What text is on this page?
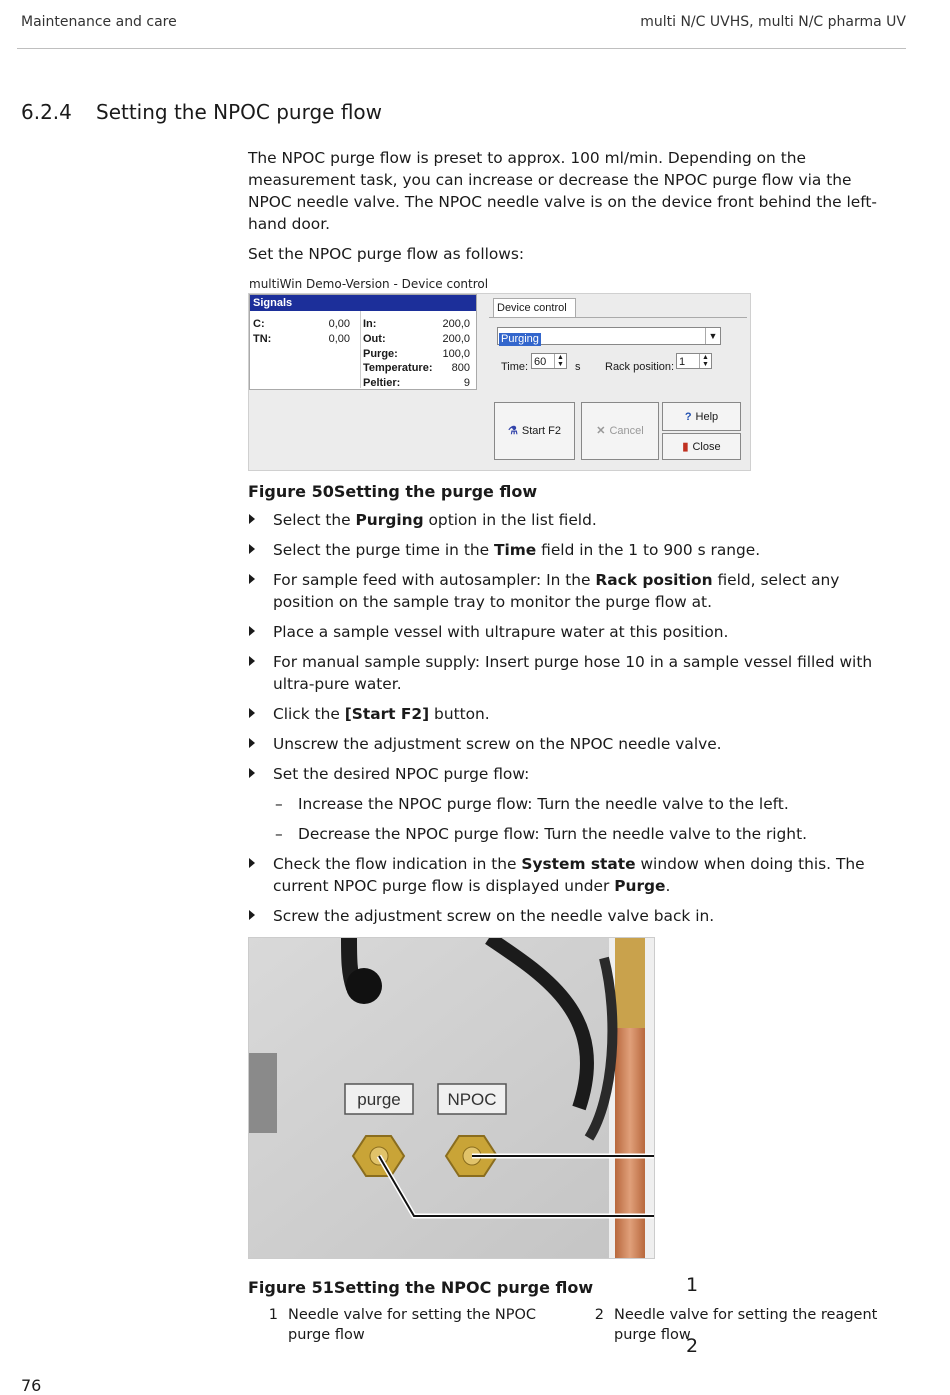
Maintenance and care	multi N/C UVHS, multi N/C pharma UV
6.2.4 Setting the NPOC purge flow

The NPOC purge flow is preset to approx. 100 ml/min. Depending on the measurement task, you can increase or decrease the NPOC purge flow via the NPOC needle valve. The NPOC needle valve is on the device front behind the left-hand door.

Set the NPOC purge flow as follows:

multiWin Demo-Version - Device control
Signals
C:	0,00
TN:	0,00
In:	200,0
Out:	200,0
Purge:	100,0
Temperature:	800
Peltier:	9
Device control
Purging	▼
Time: 60	▲
▼ s Rack position: 1	▲
▼
⚗ Start F2	✕ Cancel
? Help
▮ Close
Figure 50Setting the purge flow
Select the Purging option in the list field.
Select the purge time in the Time field in the 1 to 900 s range.
For sample feed with autosampler: In the Rack position field, select any position on the sample tray to monitor the purge flow at.
Place a sample vessel with ultrapure water at this position.
For manual sample supply: Insert purge hose 10 in a sample vessel filled with ultra-pure water.
Click the [Start F2] button.
Unscrew the adjustment screw on the NPOC needle valve.
Set the desired NPOC purge flow:
– Increase the NPOC purge flow: Turn the needle valve to the left.
– Decrease the NPOC purge flow: Turn the needle valve to the right.
Check the flow indication in the System state window when doing this. The current NPOC purge flow is displayed under Purge.
Screw the adjustment screw on the needle valve back in.
purge	NPOC
1
2
Figure 51Setting the NPOC purge flow
1 Needle valve for setting the NPOC purge flow
2 Needle valve for setting the reagent purge flow
76
